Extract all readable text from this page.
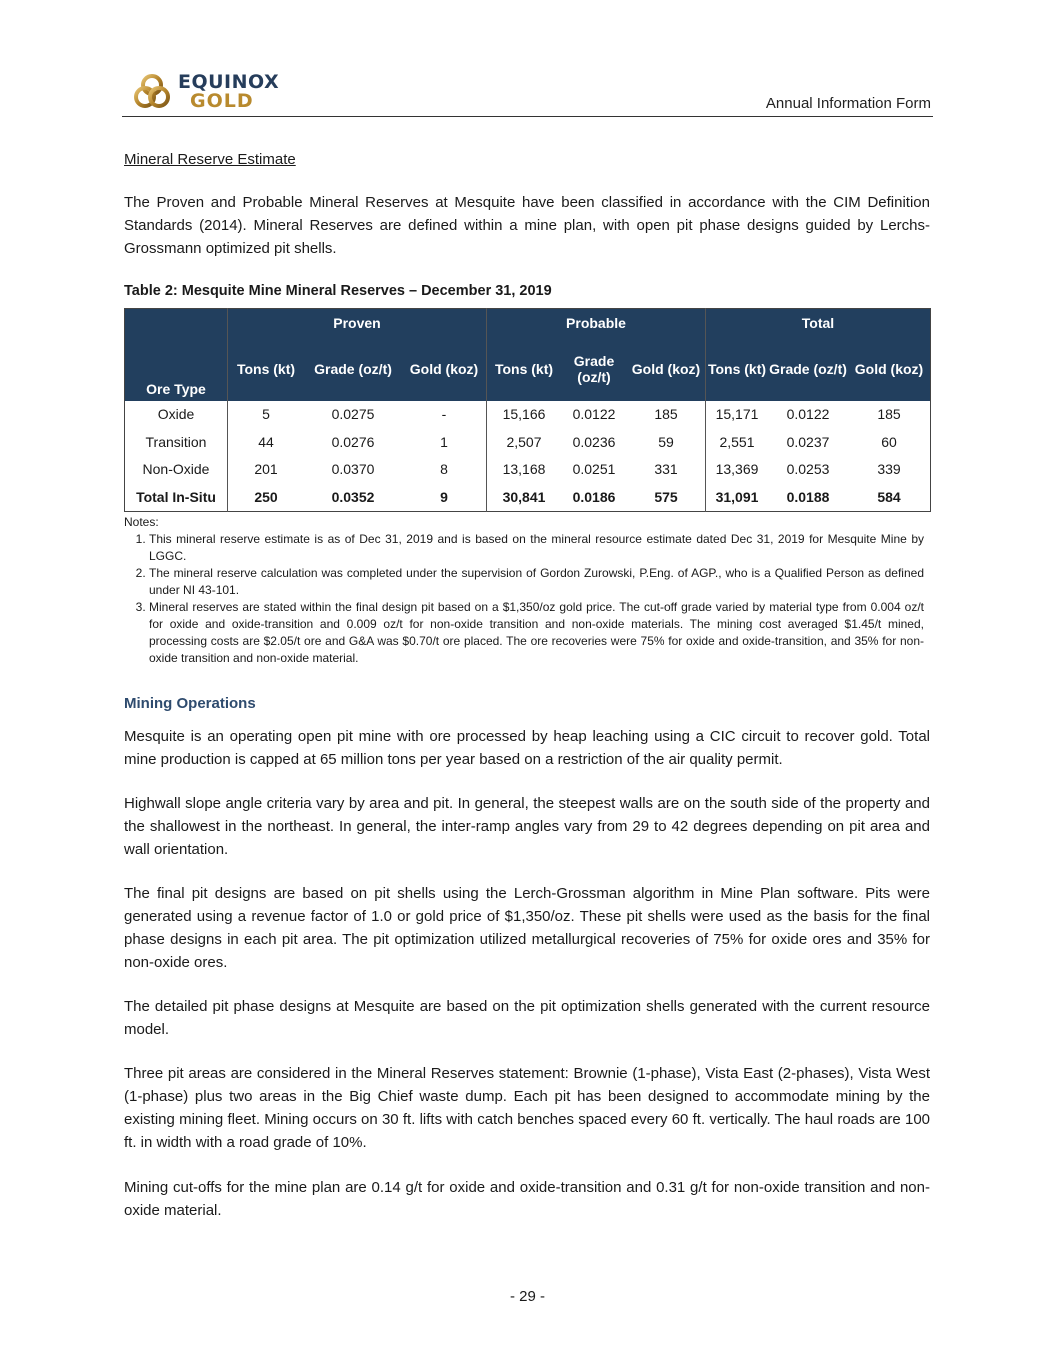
EQUINOX
GOLD	Annual Information Form
Mineral Reserve Estimate

The Proven and Probable Mineral Reserves at Mesquite have been classified in accordance with the CIM Definition Standards (2014). Mineral Reserves are defined within a mine plan, with open pit phase designs guided by Lerchs-Grossmann optimized pit shells.

Table 2: Mesquite Mine Mineral Reserves – December 31, 2019
Ore Type	Proven			Probable			Total		
	Tons (kt)	Grade (oz/t)	Gold (koz)	Tons (kt)	Grade (oz/t)	Gold (koz)	Tons (kt)	Grade (oz/t)	Gold (koz)
Oxide	5	0.0275	-	15,166	0.0122	185	15,171	0.0122	185
Transition	44	0.0276	1	2,507	0.0236	59	2,551	0.0237	60
Non-Oxide	201	0.0370	8	13,168	0.0251	331	13,369	0.0253	339
Total In-Situ	250	0.0352	9	30,841	0.0186	575	31,091	0.0188	584
Notes:
1. This mineral reserve estimate is as of Dec 31, 2019 and is based on the mineral resource estimate dated Dec 31, 2019 for Mesquite Mine by LGGC.
2. The mineral reserve calculation was completed under the supervision of Gordon Zurowski, P.Eng. of AGP., who is a Qualified Person as defined under NI 43-101.
3. Mineral reserves are stated within the final design pit based on a $1,350/oz gold price. The cut-off grade varied by material type from 0.004 oz/t for oxide and oxide-transition and 0.009 oz/t for non-oxide transition and non-oxide materials. The mining cost averaged $1.45/t mined, processing costs are $2.05/t ore and G&A was $0.70/t ore placed. The ore recoveries were 75% for oxide and oxide-transition, and 35% for non-oxide transition and non-oxide material.
Mining Operations

Mesquite is an operating open pit mine with ore processed by heap leaching using a CIC circuit to recover gold. Total mine production is capped at 65 million tons per year based on a restriction of the air quality permit.

Highwall slope angle criteria vary by area and pit. In general, the steepest walls are on the south side of the property and the shallowest in the northeast. In general, the inter-ramp angles vary from 29 to 42 degrees depending on pit area and wall orientation.

The final pit designs are based on pit shells using the Lerch-Grossman algorithm in Mine Plan software. Pits were generated using a revenue factor of 1.0 or gold price of $1,350/oz. These pit shells were used as the basis for the final phase designs in each pit area. The pit optimization utilized metallurgical recoveries of 75% for oxide ores and 35% for non-oxide ores.

The detailed pit phase designs at Mesquite are based on the pit optimization shells generated with the current resource model.

Three pit areas are considered in the Mineral Reserves statement: Brownie (1-phase), Vista East (2-phases), Vista West (1-phase) plus two areas in the Big Chief waste dump. Each pit has been designed to accommodate mining by the existing mining fleet. Mining occurs on 30 ft. lifts with catch benches spaced every 60 ft. vertically. The haul roads are 100 ft. in width with a road grade of 10%.

Mining cut-offs for the mine plan are 0.14 g/t for oxide and oxide-transition and 0.31 g/t for non-oxide transition and non-oxide material.

- 29 -
